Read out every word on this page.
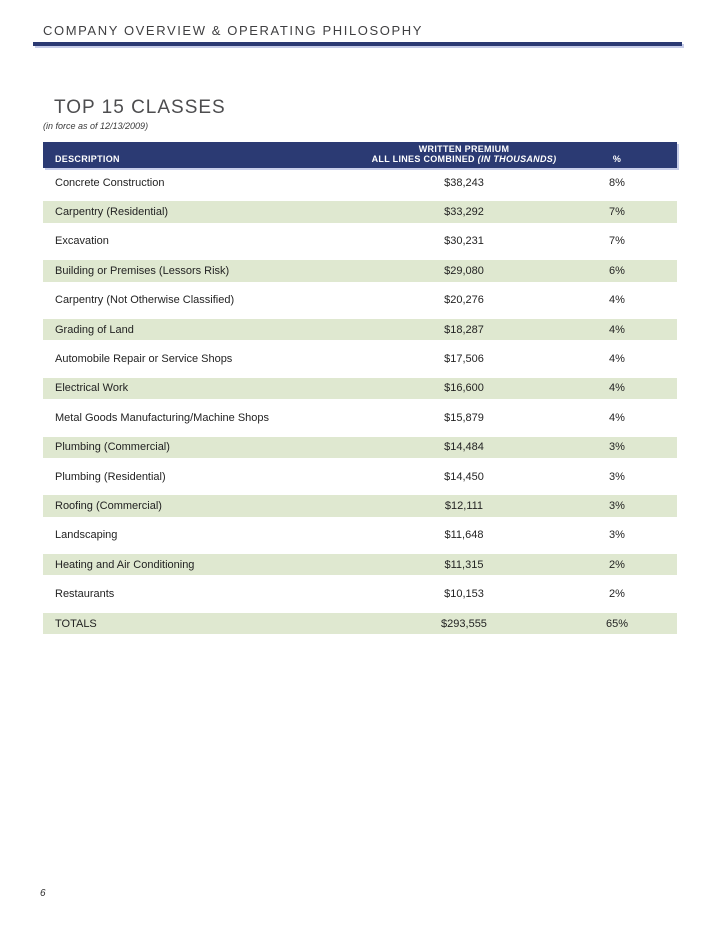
COMPANY OVERVIEW & OPERATING PHILOSOPHY
TOP 15 CLASSES
(in force as of 12/13/2009)
DESCRIPTION
WRITTEN PREMIUM
ALL LINES COMBINED (IN THOUSANDS)	%
Concrete Construction	$38,243	8%
Carpentry (Residential)	$33,292	7%
Excavation	$30,231	7%
Building or Premises (Lessors Risk)	$29,080	6%
Carpentry (Not Otherwise Classified)	$20,276	4%
Grading of Land	$18,287	4%
Automobile Repair or Service Shops	$17,506	4%
Electrical Work	$16,600	4%
Metal Goods Manufacturing/Machine Shops	$15,879	4%
Plumbing (Commercial)	$14,484	3%
Plumbing (Residential)	$14,450	3%
Roofing (Commercial)	$12,111	3%
Landscaping	$11,648	3%
Heating and Air Conditioning	$11,315	2%
Restaurants	$10,153	2%
TOTALS	$293,555	65%
6
